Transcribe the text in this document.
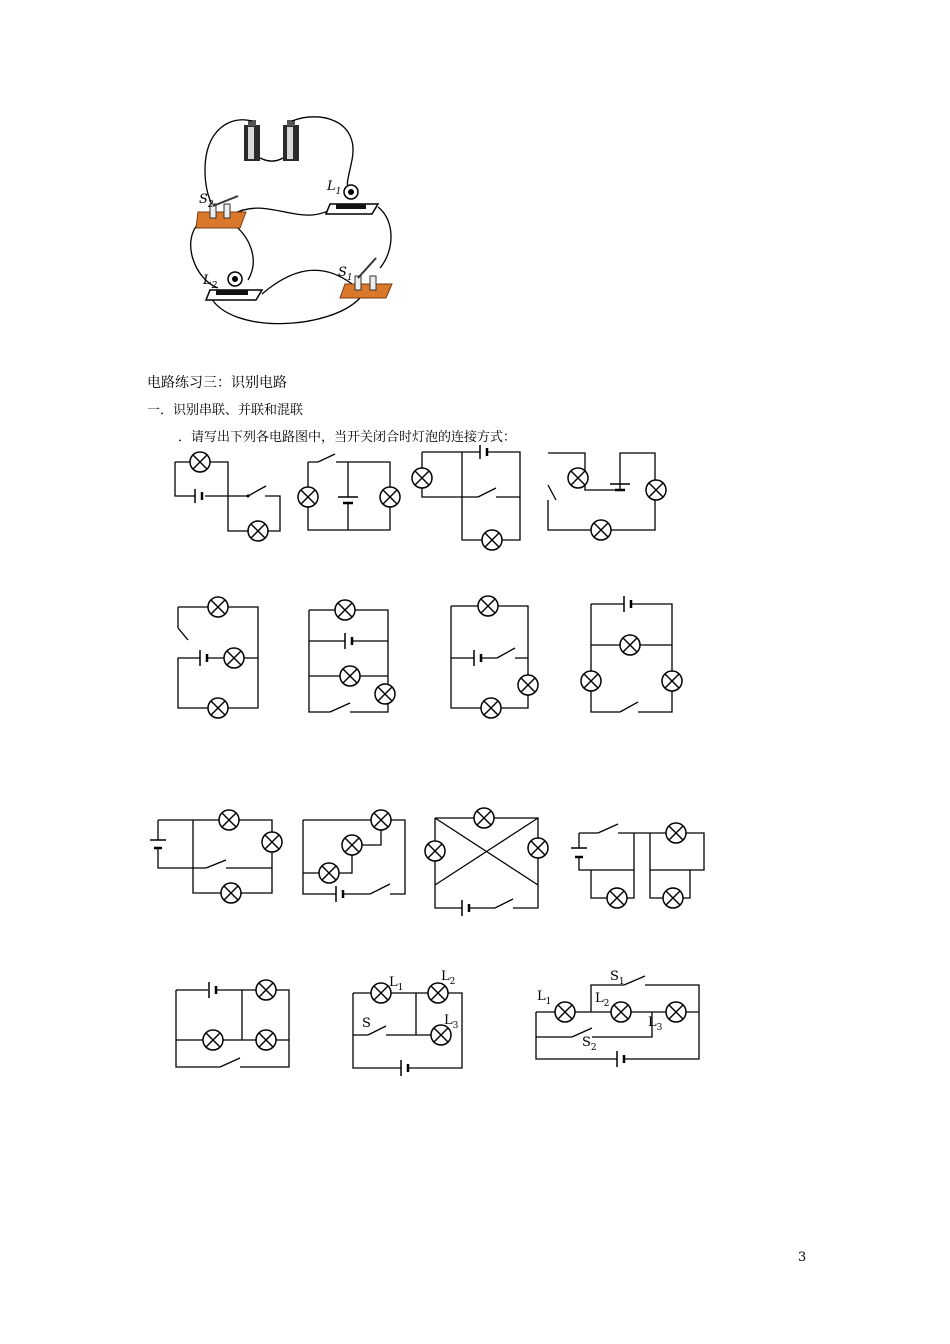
电路练习三：识别电路
一．识别串联、并联和混联
．请写出下列各电路图中，当开关闭合时灯泡的连接方式：
3
$S_2$
$L_1$
$L_2$
$S_1$
$L_1$
$L_2$
$L_3$
S
$S_1$
$L_1$	$L_2$
$L_3$
$S_2$
